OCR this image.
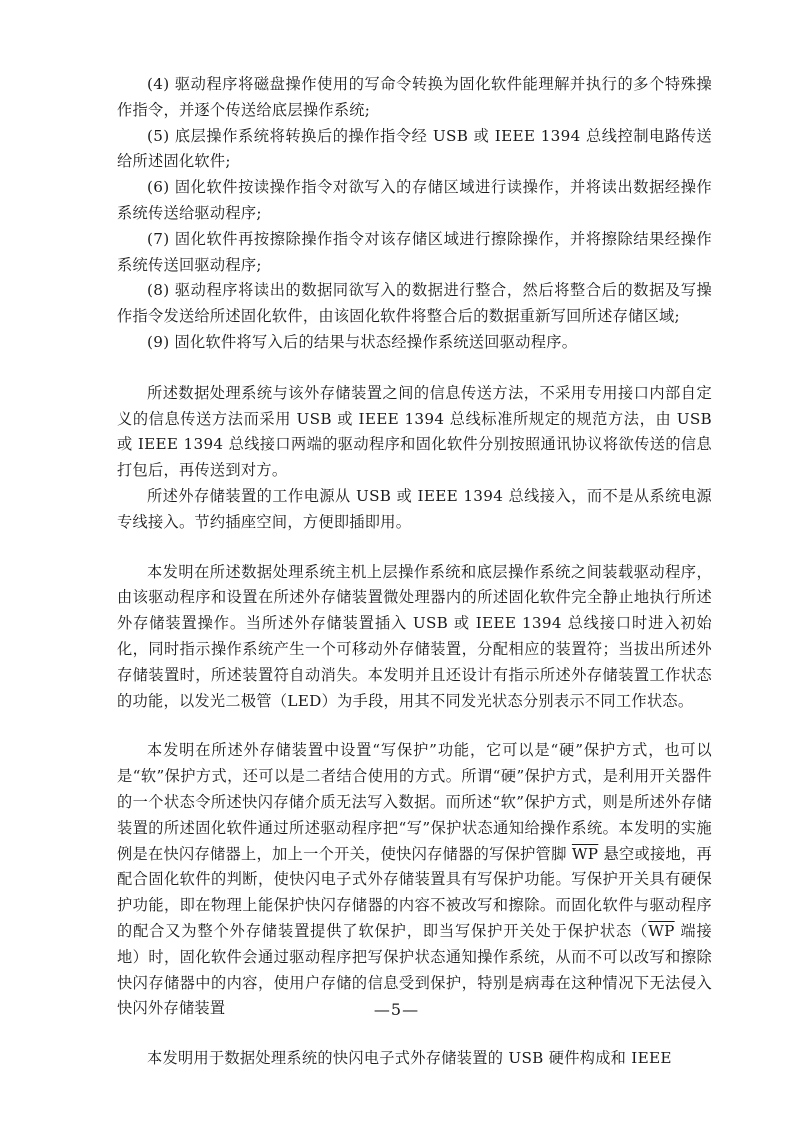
(4) 驱动程序将磁盘操作使用的写命令转换为固化软件能理解并执行的多个特殊操作指令，并逐个传送给底层操作系统;

(5) 底层操作系统将转换后的操作指令经 USB 或 IEEE 1394 总线控制电路传送给所述固化软件;

(6) 固化软件按读操作指令对欲写入的存储区域进行读操作，并将读出数据经操作系统传送给驱动程序;

(7) 固化软件再按擦除操作指令对该存储区域进行擦除操作，并将擦除结果经操作系统传送回驱动程序;

(8) 驱动程序将读出的数据同欲写入的数据进行整合，然后将整合后的数据及写操作指令发送给所述固化软件，由该固化软件将整合后的数据重新写回所述存储区域;

(9) 固化软件将写入后的结果与状态经操作系统送回驱动程序。

所述数据处理系统与该外存储装置之间的信息传送方法，不采用专用接口内部自定义的信息传送方法而采用 USB 或 IEEE 1394 总线标准所规定的规范方法，由 USB 或 IEEE 1394 总线接口两端的驱动程序和固化软件分别按照通讯协议将欲传送的信息打包后，再传送到对方。

所述外存储装置的工作电源从 USB 或 IEEE 1394 总线接入，而不是从系统电源专线接入。节约插座空间，方便即插即用。

本发明在所述数据处理系统主机上层操作系统和底层操作系统之间装载驱动程序，由该驱动程序和设置在所述外存储装置微处理器内的所述固化软件完全静止地执行所述外存储装置操作。当所述外存储装置插入 USB 或 IEEE 1394 总线接口时进入初始化，同时指示操作系统产生一个可移动外存储装置，分配相应的装置符；当拔出所述外存储装置时，所述装置符自动消失。本发明并且还设计有指示所述外存储装置工作状态的功能，以发光二极管（LED）为手段，用其不同发光状态分别表示不同工作状态。

本发明在所述外存储装置中设置“写保护”功能，它可以是“硬”保护方式，也可以是“软”保护方式，还可以是二者结合使用的方式。所谓“硬”保护方式，是利用开关器件的一个状态令所述快闪存储介质无法写入数据。而所述“软”保护方式，则是所述外存储装置的所述固化软件通过所述驱动程序把“写”保护状态通知给操作系统。本发明的实施例是在快闪存储器上，加上一个开关，使快闪存储器的写保护管脚 $\overline{WP}$ 悬空或接地，再配合固化软件的判断，使快闪电子式外存储装置具有写保护功能。写保护开关具有硬保护功能，即在物理上能保护快闪存储器的内容不被改写和擦除。而固化软件与驱动程序的配合又为整个外存储装置提供了软保护，即当写保护开关处于保护状态（$\overline{WP}$ 端接地）时，固化软件会通过驱动程序把写保护状态通知操作系统，从而不可以改写和擦除快闪存储器中的内容，使用户存储的信息受到保护，特别是病毒在这种情况下无法侵入快闪外存储装置

本发明用于数据处理系统的快闪电子式外存储装置的 USB 硬件构成和 IEEE

—5—
